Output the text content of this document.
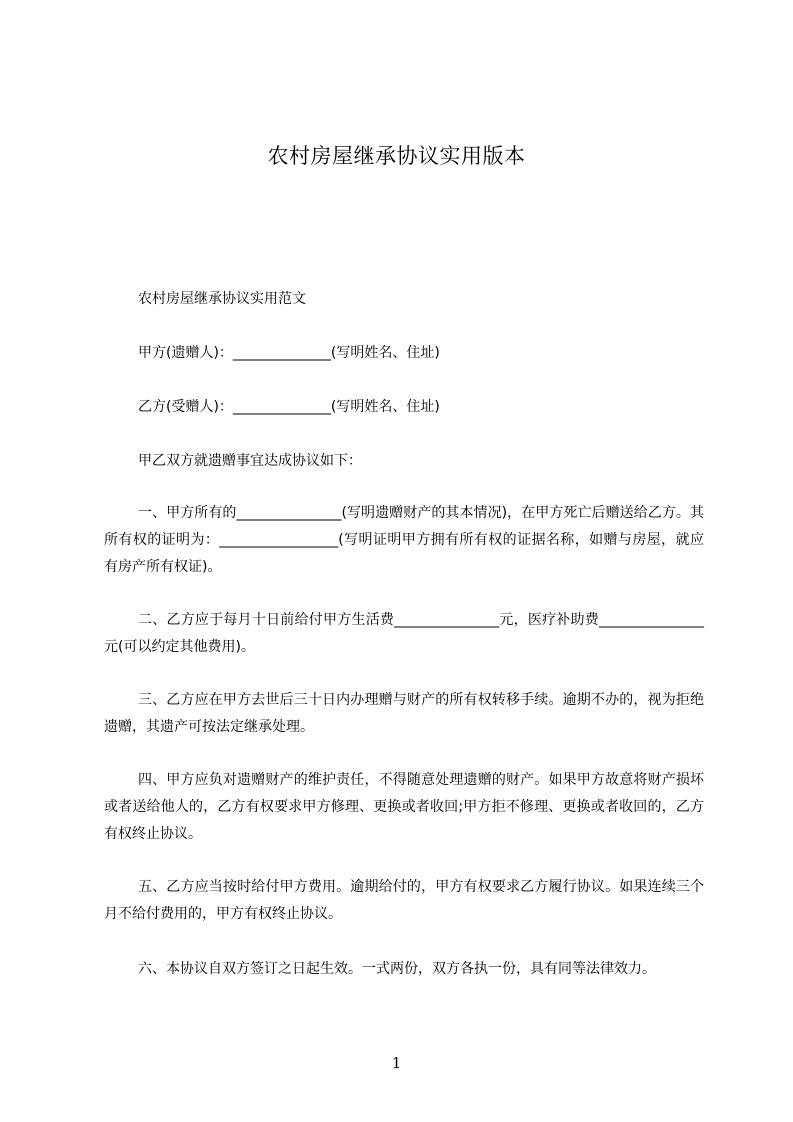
农村房屋继承协议实用版本
农村房屋继承协议实用范文
甲方(遗赠人)：______________(写明姓名、住址)
乙方(受赠人)：______________(写明姓名、住址)
甲乙双方就遗赠事宜达成协议如下：
一、甲方所有的_______________(写明遗赠财产的其本情况)，在甲方死亡后赠送给乙方。其所有权的证明为：_________________(写明证明甲方拥有所有权的证据名称，如赠与房屋，就应有房产所有权证)。
二、乙方应于每月十日前给付甲方生活费_______________元，医疗补助费_______________元(可以约定其他费用)。
三、乙方应在甲方去世后三十日内办理赠与财产的所有权转移手续。逾期不办的，视为拒绝遗赠，其遗产可按法定继承处理。
四、甲方应负对遗赠财产的维护责任，不得随意处理遗赠的财产。如果甲方故意将财产损坏或者送给他人的，乙方有权要求甲方修理、更换或者收回;甲方拒不修理、更换或者收回的，乙方有权终止协议。
五、乙方应当按时给付甲方费用。逾期给付的，甲方有权要求乙方履行协议。如果连续三个月不给付费用的，甲方有权终止协议。
六、本协议自双方签订之日起生效。一式两份，双方各执一份，具有同等法律效力。
1
